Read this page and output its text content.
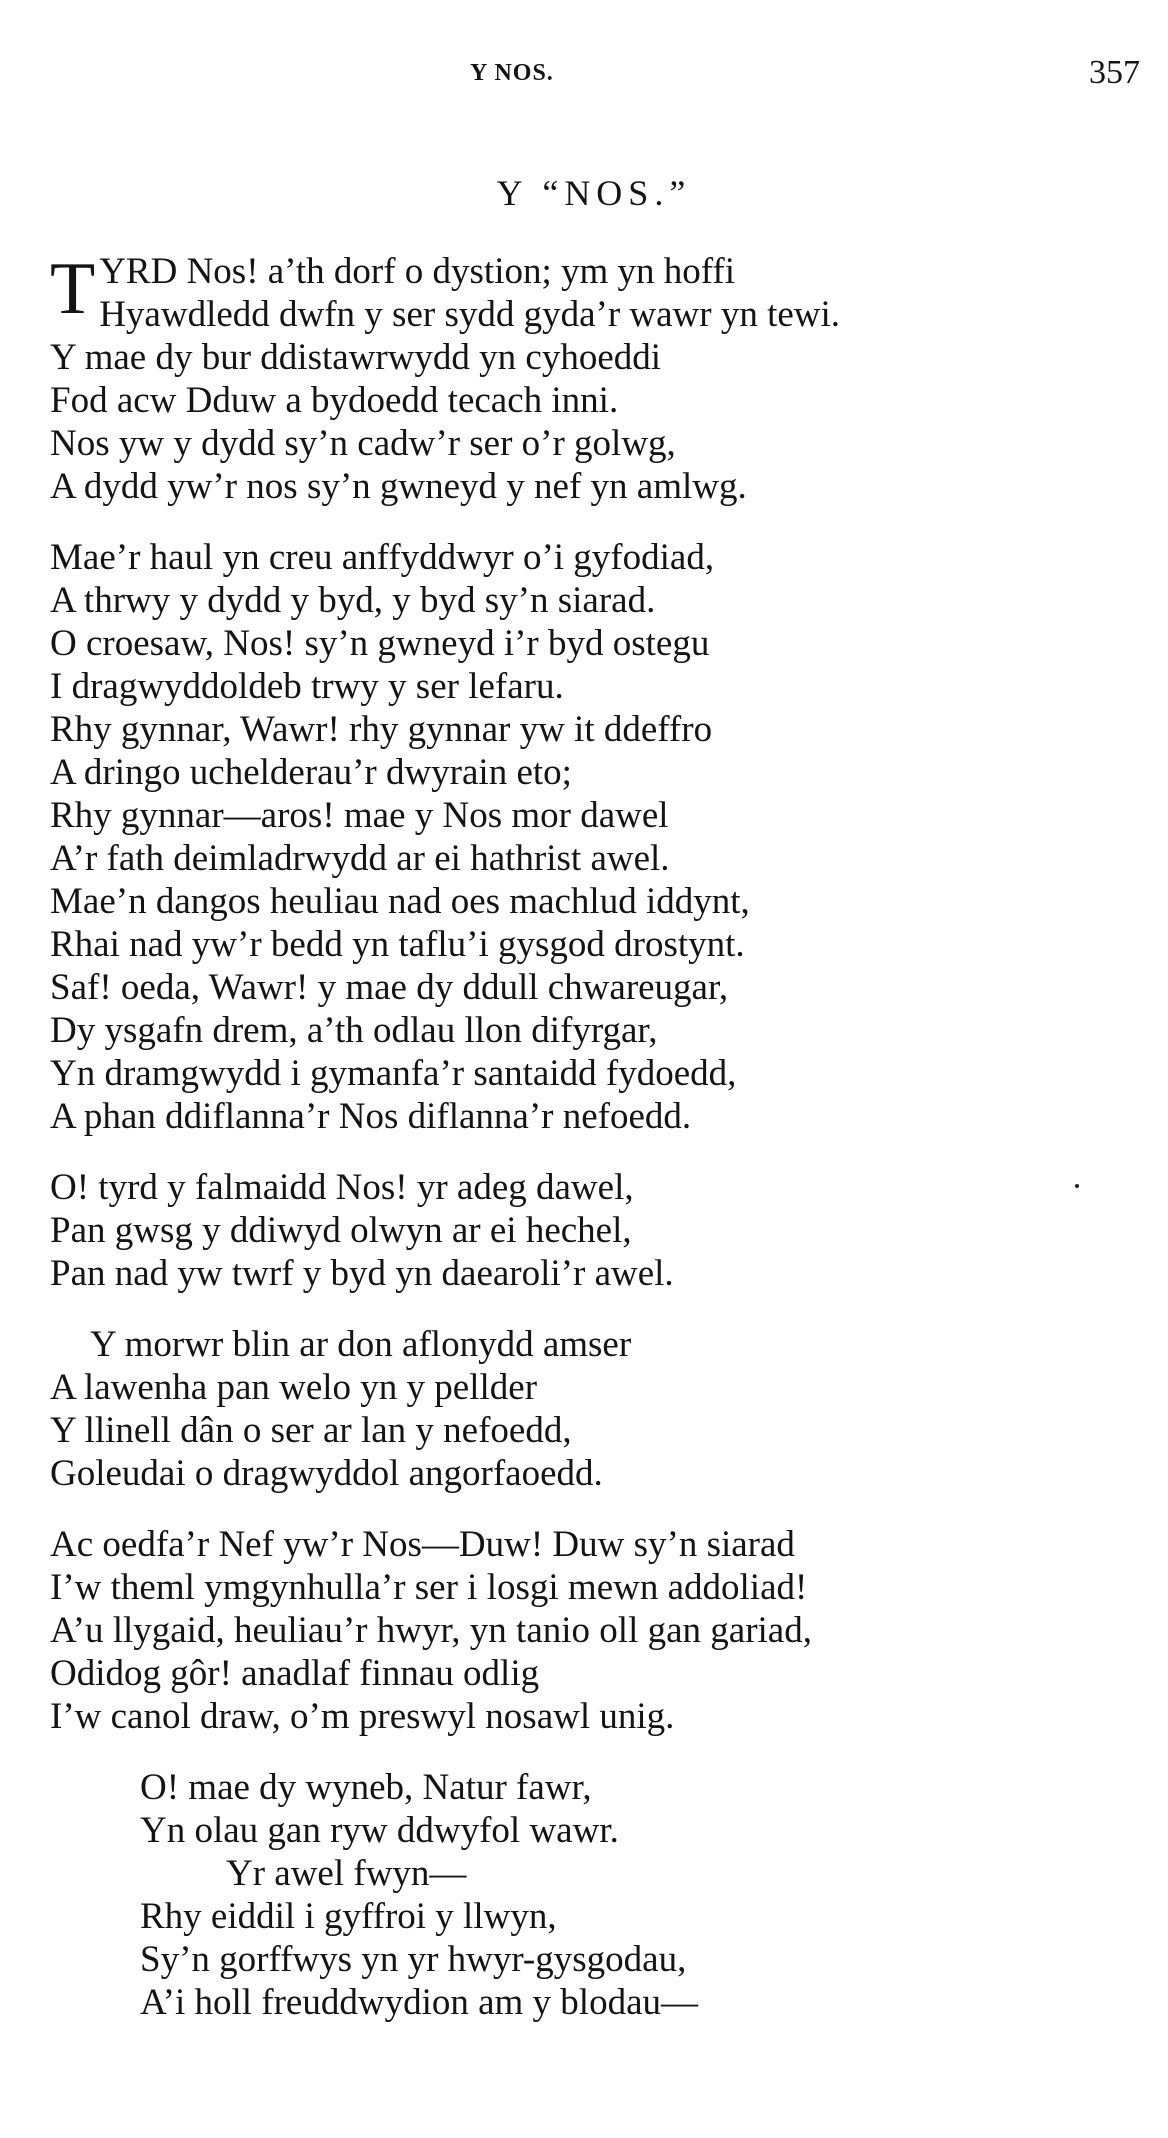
Y NOS.	357
Y “NOS.”
T YRD Nos! a’th dorf o dystion; ym yn hoffi
Hyawdledd dwfn y ser sydd gyda’r wawr yn tewi.
Y mae dy bur ddistawrwydd yn cyhoeddi
Fod acw Dduw a bydoedd tecach inni.
Nos yw y dydd sy’n cadw’r ser o’r golwg,
A dydd yw’r nos sy’n gwneyd y nef yn amlwg.
Mae’r haul yn creu anffyddwyr o’i gyfodiad,
A thrwy y dydd y byd, y byd sy’n siarad.
O croesaw, Nos! sy’n gwneyd i’r byd ostegu
I dragwyddoldeb trwy y ser lefaru.
Rhy gynnar, Wawr! rhy gynnar yw it ddeffro
A dringo uchelderau’r dwyrain eto;
Rhy gynnar—aros! mae y Nos mor dawel
A’r fath deimladrwydd ar ei hathrist awel.
Mae’n dangos heuliau nad oes machlud iddynt,
Rhai nad yw’r bedd yn taflu’i gysgod drostynt.
Saf! oeda, Wawr! y mae dy ddull chwareugar,
Dy ysgafn drem, a’th odlau llon difyrgar,
Yn dramgwydd i gymanfa’r santaidd fydoedd,
A phan ddiflanna’r Nos diflanna’r nefoedd.
O! tyrd y falmaidd Nos! yr adeg dawel,
Pan gwsg y ddiwyd olwyn ar ei hechel,
Pan nad yw twrf y byd yn daearoli’r awel.
Y morwr blin ar don aflonydd amser
A lawenha pan welo yn y pellder
Y llinell dân o ser ar lan y nefoedd,
Goleudai o dragwyddol angorfaoedd.
Ac oedfa’r Nef yw’r Nos—Duw! Duw sy’n siarad
I’w theml ymgynhulla’r ser i losgi mewn addoliad!
A’u llygaid, heuliau’r hwyr, yn tanio oll gan gariad,
Odidog gôr! anadlaf finnau odlig
I’w canol draw, o’m preswyl nosawl unig.
O! mae dy wyneb, Natur fawr,
Yn olau gan ryw ddwyfol wawr.
Yr awel fwyn—
Rhy eiddil i gyffroi y llwyn,
Sy’n gorffwys yn yr hwyr-gysgodau,
A’i holl freuddwydion am y blodau—
